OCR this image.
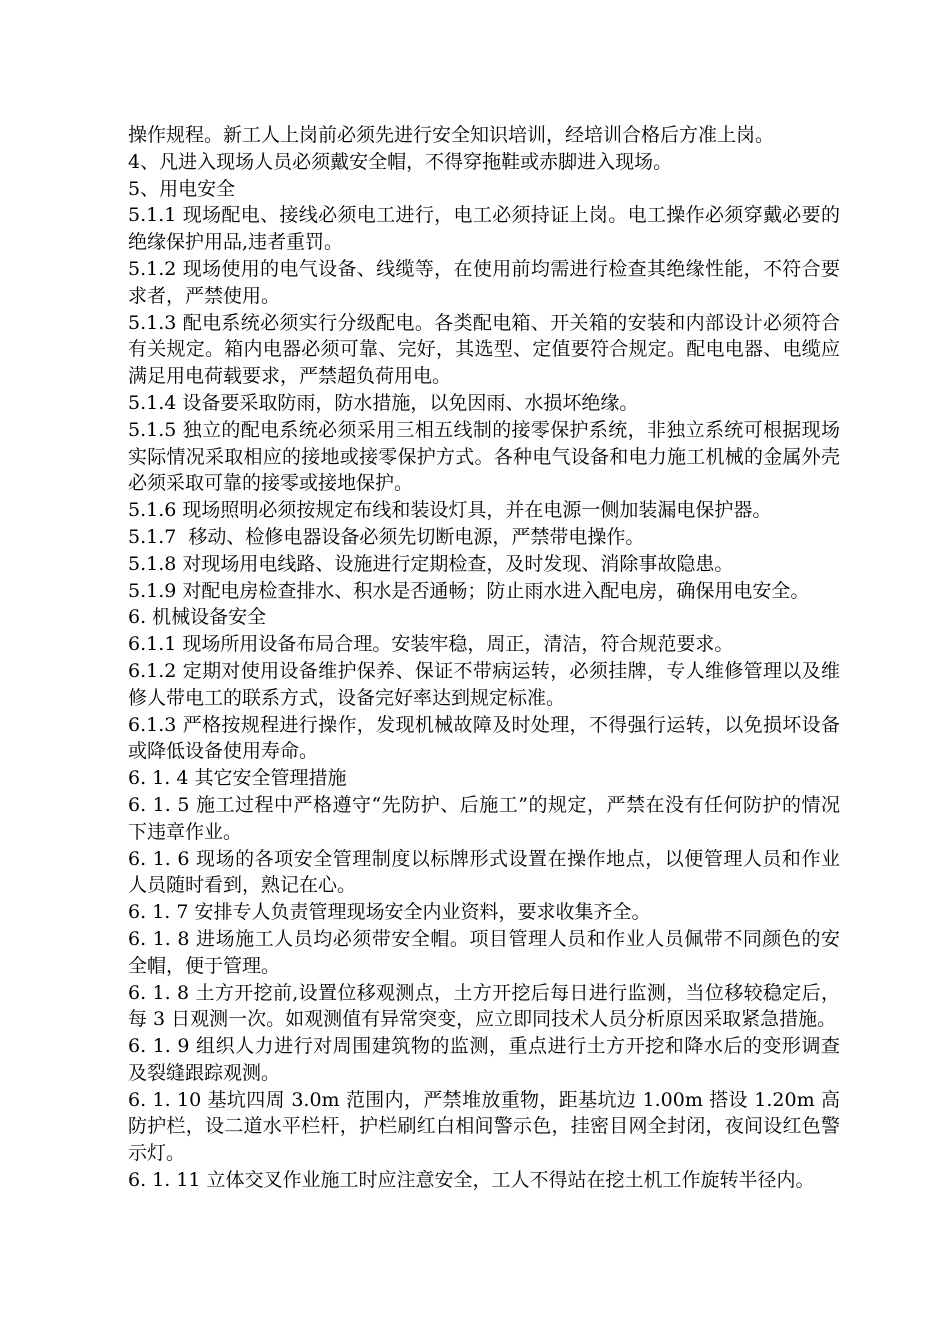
操作规程。新工人上岗前必须先进行安全知识培训，经培训合格后方准上岗。

4、凡进入现场人员必须戴安全帽，不得穿拖鞋或赤脚进入现场。

5、用电安全

5.1.1 现场配电、接线必须电工进行，电工必须持证上岗。电工操作必须穿戴必要的绝缘保护用品,违者重罚。

5.1.2 现场使用的电气设备、线缆等，在使用前均需进行检查其绝缘性能，不符合要求者，严禁使用。

5.1.3 配电系统必须实行分级配电。各类配电箱、开关箱的安装和内部设计必须符合有关规定。箱内电器必须可靠、完好，其选型、定值要符合规定。配电电器、电缆应满足用电荷载要求，严禁超负荷用电。

5.1.4 设备要采取防雨，防水措施，以免因雨、水损坏绝缘。

5.1.5 独立的配电系统必须采用三相五线制的接零保护系统，非独立系统可根据现场实际情况采取相应的接地或接零保护方式。各种电气设备和电力施工机械的金属外壳必须采取可靠的接零或接地保护。

5.1.6 现场照明必须按规定布线和装设灯具，并在电源一侧加装漏电保护器。

5.1.7  移动、检修电器设备必须先切断电源，严禁带电操作。

5.1.8 对现场用电线路、设施进行定期检查，及时发现、消除事故隐患。

5.1.9 对配电房检查排水、积水是否通畅；防止雨水进入配电房，确保用电安全。

6. 机械设备安全

6.1.1 现场所用设备布局合理。安装牢稳，周正，清洁，符合规范要求。

6.1.2 定期对使用设备维护保养、保证不带病运转，必须挂牌，专人维修管理以及维修人带电工的联系方式，设备完好率达到规定标准。

6.1.3 严格按规程进行操作，发现机械故障及时处理，不得强行运转，以免损坏设备或降低设备使用寿命。

6. 1. 4 其它安全管理措施

6. 1. 5 施工过程中严格遵守“先防护、后施工”的规定，严禁在没有任何防护的情况下违章作业。

6. 1. 6 现场的各项安全管理制度以标牌形式设置在操作地点，以便管理人员和作业人员随时看到，熟记在心。

6. 1. 7 安排专人负责管理现场安全内业资料，要求收集齐全。

6. 1. 8 进场施工人员均必须带安全帽。项目管理人员和作业人员佩带不同颜色的安全帽，便于管理。

6. 1. 8 土方开挖前,设置位移观测点，土方开挖后每日进行监测，当位移较稳定后，每 3 日观测一次。如观测值有异常突变，应立即同技术人员分析原因采取紧急措施。

6. 1. 9 组织人力进行对周围建筑物的监测，重点进行土方开挖和降水后的变形调查及裂缝跟踪观测。

6. 1. 10 基坑四周 3.0m 范围内，严禁堆放重物，距基坑边 1.00m 搭设 1.20m 高防护栏，设二道水平栏杆，护栏刷红白相间警示色，挂密目网全封闭，夜间设红色警示灯。

6. 1. 11 立体交叉作业施工时应注意安全，工人不得站在挖土机工作旋转半径内。
